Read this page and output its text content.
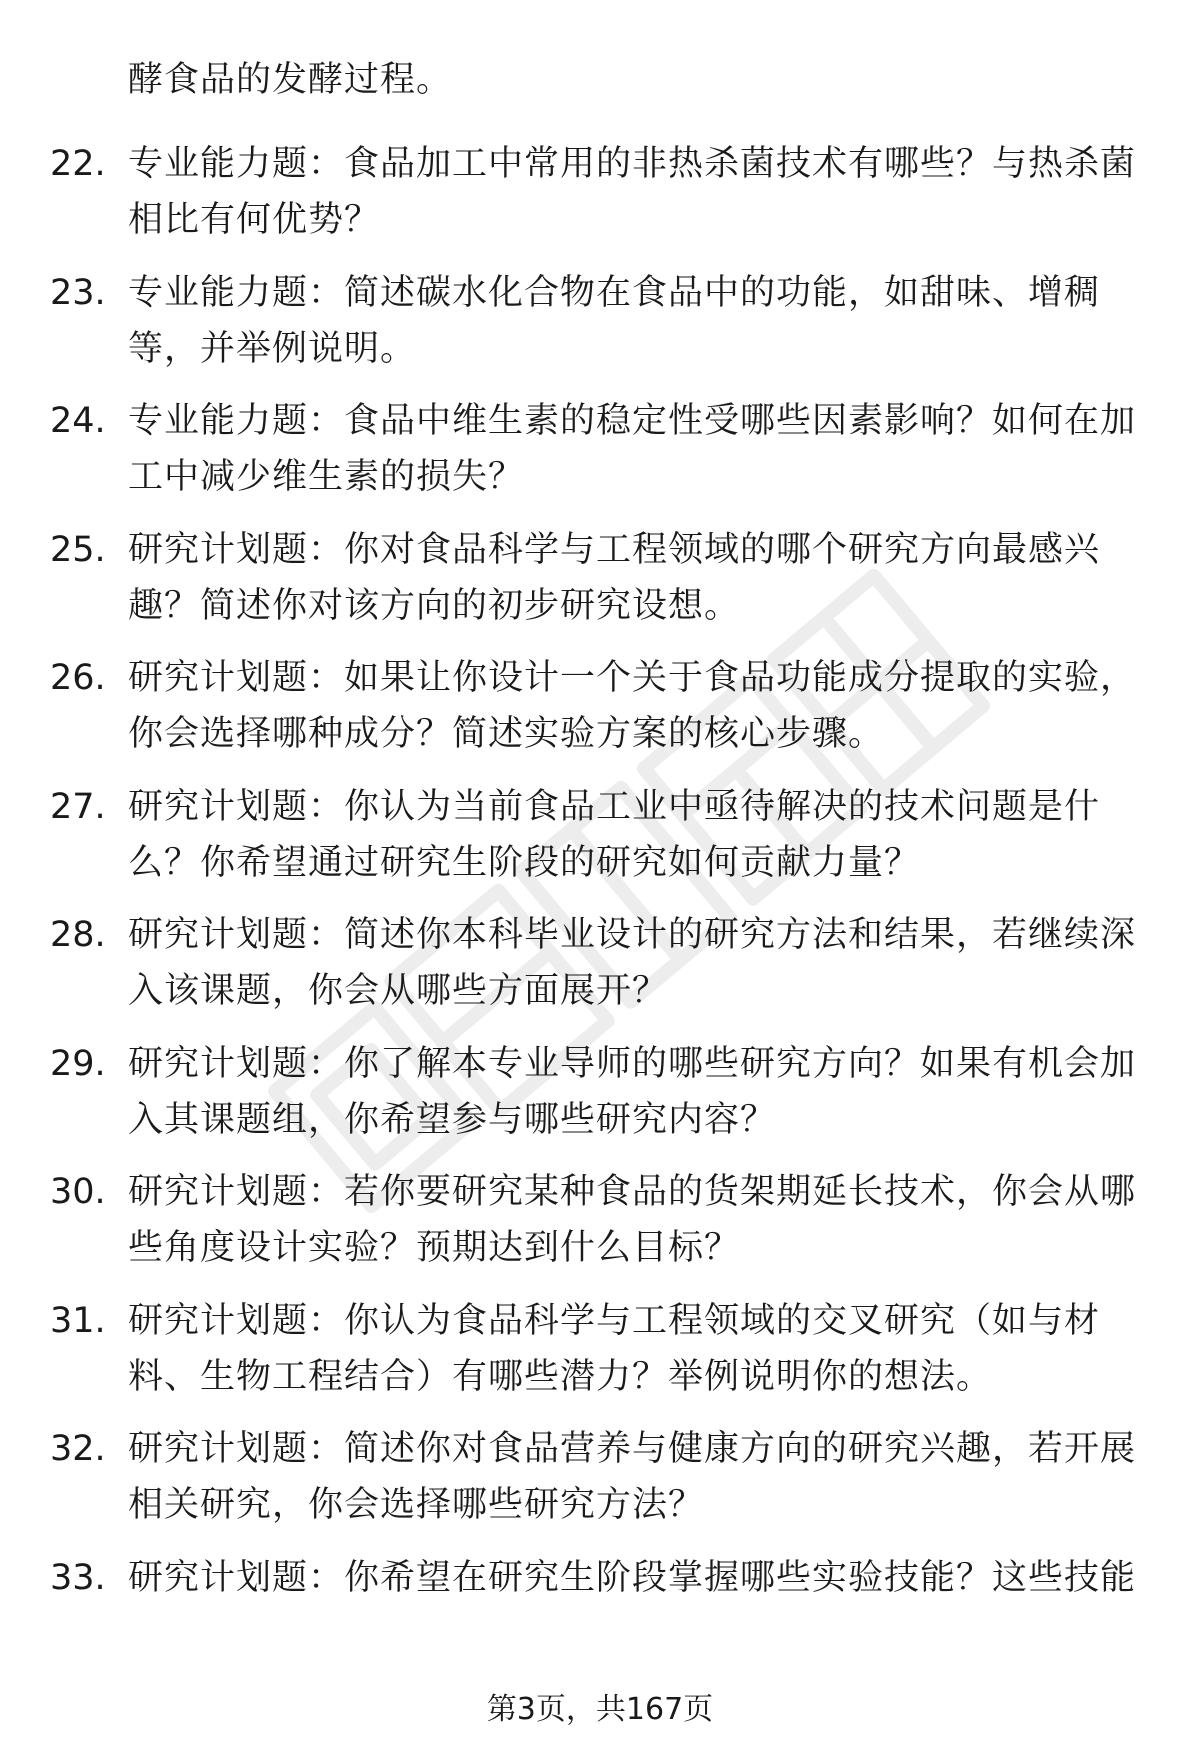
酵食品的发酵过程。
22. 专业能力题：食品加工中常用的非热杀菌技术有哪些？与热杀菌相比有何优势？
23. 专业能力题：简述碳水化合物在食品中的功能，如甜味、增稠等，并举例说明。
24. 专业能力题：食品中维生素的稳定性受哪些因素影响？如何在加工中减少维生素的损失？
25. 研究计划题：你对食品科学与工程领域的哪个研究方向最感兴趣？简述你对该方向的初步研究设想。
26. 研究计划题：如果让你设计一个关于食品功能成分提取的实验，你会选择哪种成分？简述实验方案的核心步骤。
27. 研究计划题：你认为当前食品工业中亟待解决的技术问题是什么？你希望通过研究生阶段的研究如何贡献力量？
28. 研究计划题：简述你本科毕业设计的研究方法和结果，若继续深入该课题，你会从哪些方面展开？
29. 研究计划题：你了解本专业导师的哪些研究方向？如果有机会加入其课题组，你希望参与哪些研究内容？
30. 研究计划题：若你要研究某种食品的货架期延长技术，你会从哪些角度设计实验？预期达到什么目标？
31. 研究计划题：你认为食品科学与工程领域的交叉研究（如与材料、生物工程结合）有哪些潜力？举例说明你的想法。
32. 研究计划题：简述你对食品营养与健康方向的研究兴趣，若开展相关研究，你会选择哪些研究方法？
33. 研究计划题：你希望在研究生阶段掌握哪些实验技能？这些技能
第3页，共167页
